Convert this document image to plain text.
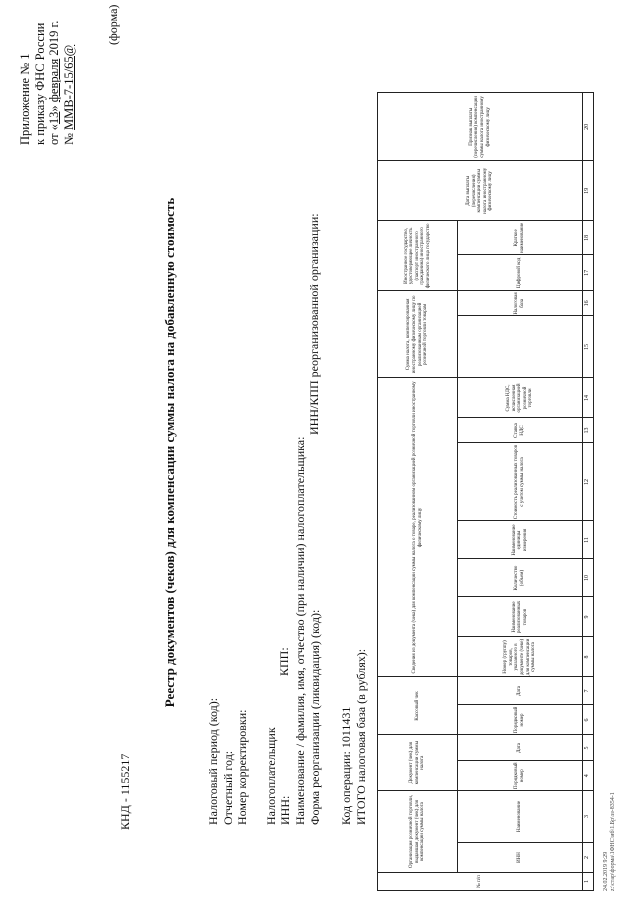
Приложение № 1 к приказу ФНС России от «13» февраля 2019 г.
№ ММВ-7-15/65@
(форма)
КНД - 1155217
Реестр документов (чеков) для компенсации суммы налога на добавленную стоимость
Налоговый период (код): Отчетный год: Номер корректировки: Налогоплательщик ИНН: Наименование / фамилия, имя, отчество (при наличии) налогоплательщика: Форма реорганизации (ликвидация) (код):
КПП:
ИНН/КПП реорганизованной организации:
Код операции: 1011431 ИТОГО налоговая база (в рублях):
№ п/п	Организация розничной торговли, выдавшая документ (чек) для компенсации суммы налога		Документ (чек) для компенсации суммы налога		Кассовый чек		Сведения из документа (чека) для компенсации суммы налога о товаре, реализованном организацией розничной торговли иностранному физическому лицу							Сумма налога, компенсированная иностранному физическому лицу по реализованным организацией розничной торговли товарам		Иностранное государство, удостоверяющее личность (паспорт иностранного гражданина) иностранного физического лица государство		Дата выплаты (перечисления) компенсации суммы налога иностранному физическому лицу	Признак выплаты (перечисления) компенсации суммы налога иностранному физическому лицу
	ИНН	Наименование	Порядковый номер	Дата	Порядковый номер	Дата	Номер (группу) товаров, указанного в документе (чеке) для компенсации суммы налога	Наименование реализованных товаров	Количество (объем)	Наименование единицы измерения	Стоимость реализованных товаров с учетом суммы налога	Ставка НДС	Сумма НДС, исчисленная организацией розничной торговли		Налоговая база	Цифровой код	Краткое наименование		
1	2	3	4	5	6	7	8	9	10	11	12	13	14	15	16	17	18	19	20
24.02.2019 9:29 z:\стар\форма\1ФНС\иб\1.Бр\эз-8354-1
